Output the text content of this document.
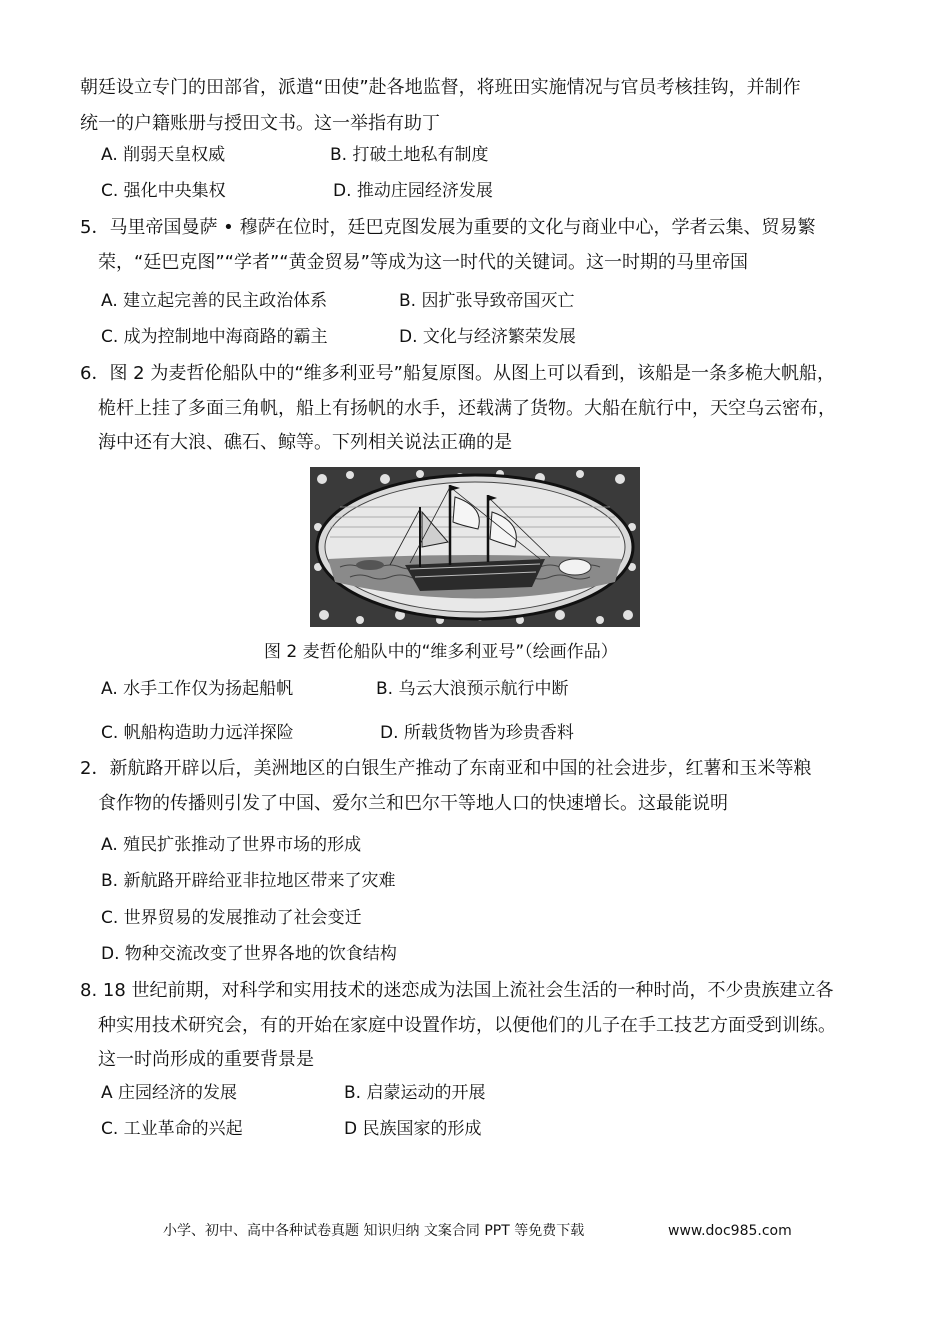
朝廷设立专门的田部省，派遣“田使”赴各地监督，将班田实施情况与官员考核挂钩，并制作
统一的户籍账册与授田文书。这一举指有助丁
A. 削弱天皇权威	B. 打破土地私有制度
C. 强化中央集权	D. 推动庄园经济发展
5．马里帝国曼萨 • 穆萨在位时，廷巴克图发展为重要的文化与商业中心，学者云集、贸易繁
荣，“廷巴克图”“学者”“黄金贸易”等成为这一时代的关键词。这一时期的马里帝国
A. 建立起完善的民主政治体系	B. 因扩张导致帝国灭亡
C. 成为控制地中海商路的霸主	D. 文化与经济繁荣发展
6．图 2 为麦哲伦船队中的“维多利亚号”船复原图。从图上可以看到，该船是一条多桅大帆船，
桅杆上挂了多面三角帆，船上有扬帆的水手，还载满了货物。大船在航行中，天空乌云密布，
海中还有大浪、礁石、鲸等。下列相关说法正确的是
图 2 麦哲伦船队中的“维多利亚号”（绘画作品）
A. 水手工作仅为扬起船帆	B. 乌云大浪预示航行中断
C. 帆船构造助力远洋探险	D. 所载货物皆为珍贵香料
2．新航路开辟以后，美洲地区的白银生产推动了东南亚和中国的社会进步，红薯和玉米等粮
食作物的传播则引发了中国、爱尔兰和巴尔干等地人口的快速增长。这最能说明
A. 殖民扩张推动了世界市场的形成
B. 新航路开辟给亚非拉地区带来了灾难
C. 世界贸易的发展推动了社会变迁
D. 物种交流改变了世界各地的饮食结构
8. 18 世纪前期，对科学和实用技术的迷恋成为法国上流社会生活的一种时尚，不少贵族建立各
种实用技术研究会，有的开始在家庭中设置作坊，以便他们的儿子在手工技艺方面受到训练。
这一时尚形成的重要背景是
A 庄园经济的发展	B. 启蒙运动的开展
C. 工业革命的兴起	D 民族国家的形成
小学、初中、高中各种试卷真题 知识归纳 文案合同 PPT 等免费下载	www.doc985.com
